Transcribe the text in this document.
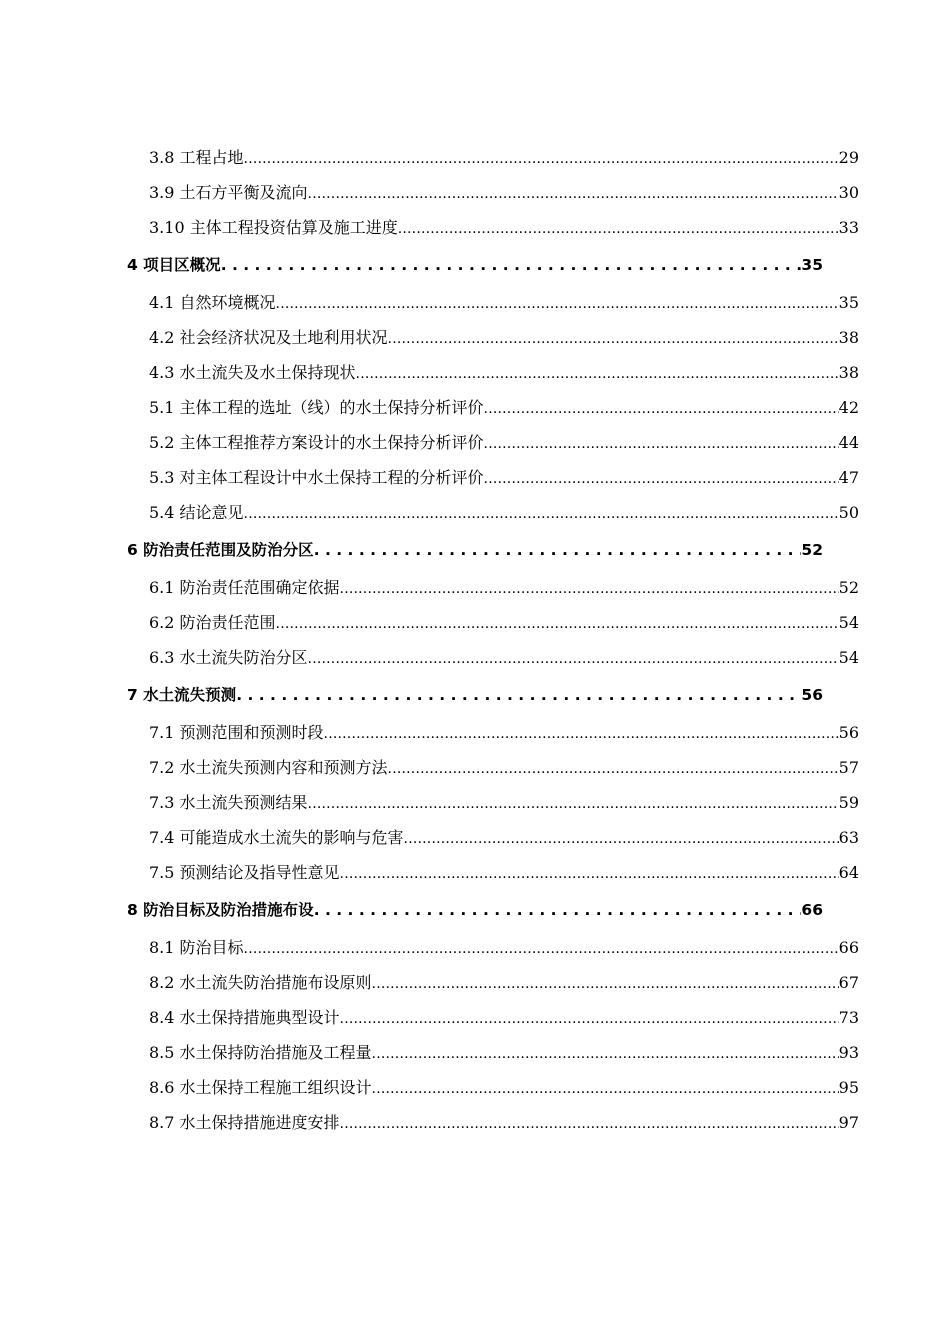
3.8 工程占地 .....	29
3.9 土石方平衡及流向 .....	30
3.10 主体工程投资估算及施工进度 .....	33
4 项目区概况 . . .	35
4.1 自然环境概况 .....	35
4.2 社会经济状况及土地利用状况 .....	38
4.3 水土流失及水土保持现状 .....	38
5.1 主体工程的选址（线）的水土保持分析评价 .....	42
5.2 主体工程推荐方案设计的水土保持分析评价 .....	44
5.3 对主体工程设计中水土保持工程的分析评价 .....	47
5.4 结论意见 .....	50
6 防治责任范围及防治分区 . . .	52
6.1 防治责任范围确定依据 .....	52
6.2 防治责任范围 .....	54
6.3 水土流失防治分区 .....	54
7 水土流失预测 . . .	56
7.1 预测范围和预测时段 .....	56
7.2 水土流失预测内容和预测方法 .....	57
7.3 水土流失预测结果 .....	59
7.4 可能造成水土流失的影响与危害 .....	63
7.5 预测结论及指导性意见 .....	64
8 防治目标及防治措施布设 . . .	66
8.1 防治目标 .....	66
8.2 水土流失防治措施布设原则 .....	67
8.4 水土保持措施典型设计 .....	73
8.5 水土保持防治措施及工程量 .....	93
8.6 水土保持工程施工组织设计 .....	95
8.7 水土保持措施进度安排 .....	97
